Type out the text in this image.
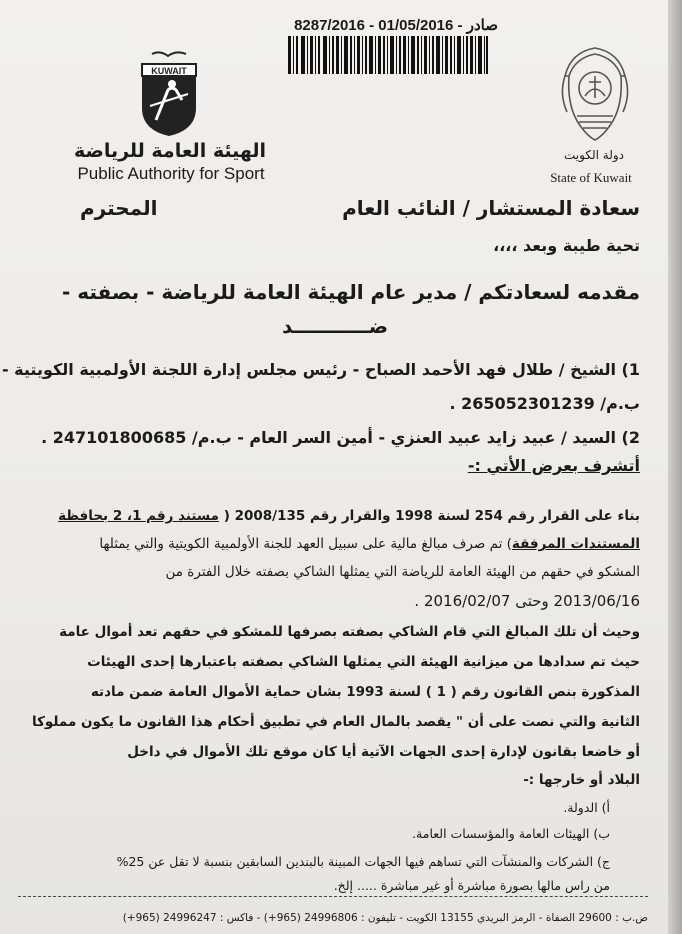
8287/2016 - 01/05/2016 - صادر
KUWAIT
الهيئة العامة للرياضة
Public Authority for Sport
دولة الكويت
State of Kuwait
سعادة المستشار / النائب العام
المحترم
تحية طيبة وبعد ،،،،
مقدمه لسعادتكم / مدير عام الهيئة العامة للرياضة
- بصفته -
ضـــــــــــد
1) الشيخ / طلال فهد الأحمد الصباح - رئيس مجلس إدارة اللجنة الأولمبية الكويتية -
ب.م/ 265052301239 .
2) السيد / عبيد زايد عبيد العنزي - أمين السر العام - ب.م/ 247101800685 .
أتشرف بعرض الأتي :-
بناء على القرار رقم 254 لسنة 1998 والقرار رقم 2008/135 ( مستند رقم 1، 2 بحافظة
المستندات المرفقة) تم صرف مبالغ مالية على سبيل العهد للجنة الأولمبية الكويتية والتي يمثلها
المشكو في حقهم من الهيئة العامة للرياضة التي يمثلها الشاكي بصفته خلال الفترة من
2013/06/16 وحتى 2016/02/07 .
وحيث أن تلك المبالغ التي قام الشاكي بصفته بصرفها للمشكو في حقهم تعد أموال عامة
حيث تم سدادها من ميزانية الهيئة التي يمثلها الشاكي بصفته باعتبارها إحدى الهيئات
المذكورة بنص القانون رقم ( 1 ) لسنة 1993 بشان حماية الأموال العامة ضمن مادته
الثانية والتي نصت على أن " يقصد بالمال العام في تطبيق أحكام هذا القانون ما يكون مملوكا
أو خاضعا بقانون لإدارة إحدى الجهات الآتية أيا كان موقع تلك الأموال في داخل
البلاد أو خارجها :-
أ) الدولة.
ب) الهيئات العامة والمؤسسات العامة.
ج) الشركات والمنشآت التي تساهم فيها الجهات المبينة بالبندين السابقين بنسبة لا تقل عن 25%
من راس مالها بصورة مباشرة أو غير مباشرة ..... إلخ.
ص.ب : 29600 الصفاة - الرمز البريدي 13155 الكويت - تليفون : 24996806 (965+) - فاكس : 24996247 (965+)
